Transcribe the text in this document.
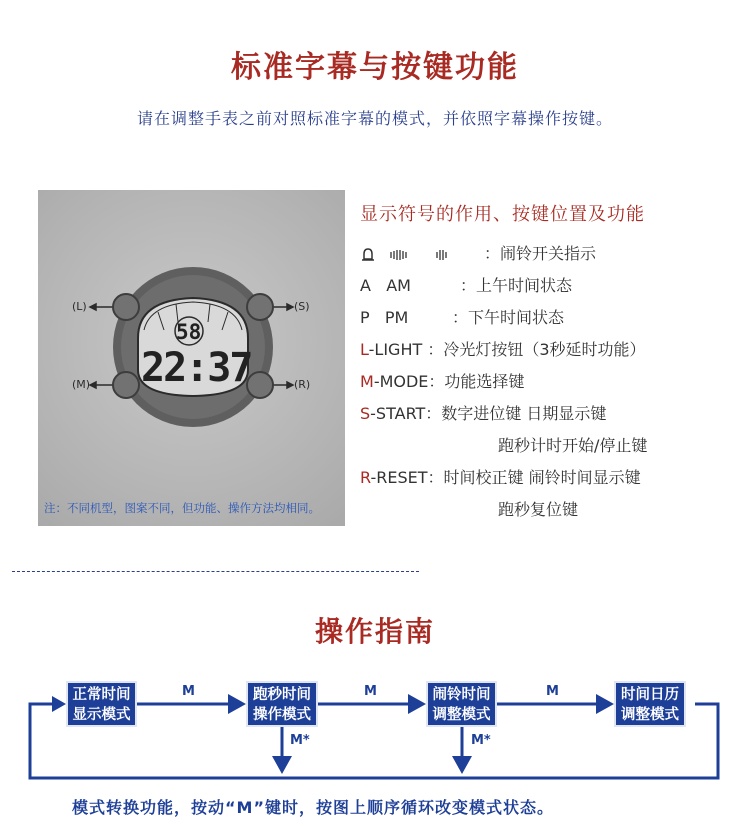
标准字幕与按键功能
请在调整手表之前对照标准字幕的模式，并依照字幕操作按键。
(L)	(S)
(M)	(R)
58
22:37
注：不同机型，图案不同，但功能、操作方法均相同。
显示符号的作用、按键位置及功能
：闹铃开关指示
A   AM	：上午时间状态
P   PM	：下午时间状态
L-LIGHT ：冷光灯按钮（3秒延时功能）
M-MODE：功能选择键
S-START：数字进位键 日期显示键
跑秒计时开始/停止键
R-RESET：时间校正键 闹铃时间显示键
跑秒复位键
操作指南
正常时间
显示模式
跑秒时间
操作模式
闹铃时间
调整模式
时间日历
调整模式
M	M	M
M*	M*
模式转换功能，按动“M”键时，按图上顺序循环改变模式状态。
